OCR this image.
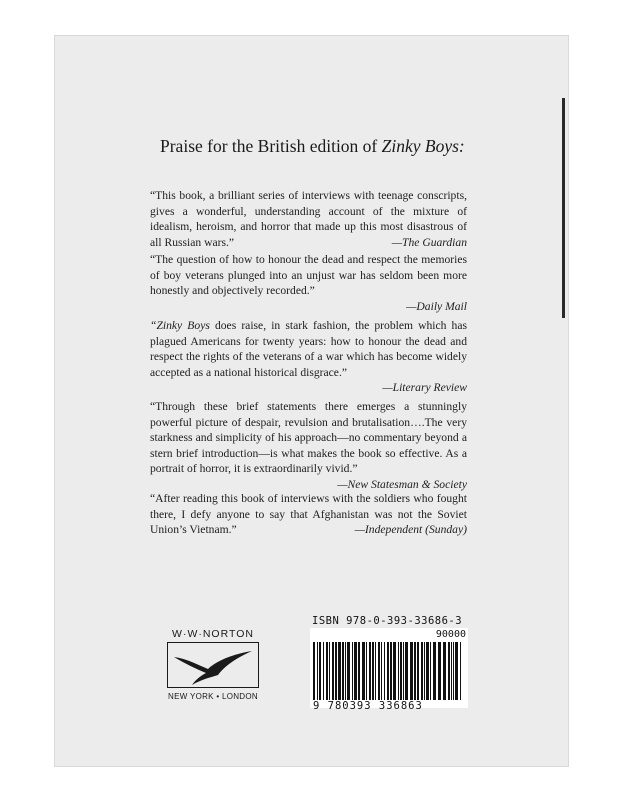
Praise for the British edition of Zinky Boys:
“This book, a brilliant series of interviews with teenage conscripts, gives a wonderful, understanding account of the mixture of idealism, heroism, and horror that made up this most disastrous of all Russian wars.”	—The Guardian
“The question of how to honour the dead and respect the memories of boy veterans plunged into an unjust war has seldom been more honestly and objectively recorded.”
—Daily Mail
“Zinky Boys does raise, in stark fashion, the problem which has plagued Americans for twenty years: how to honour the dead and respect the rights of the veterans of a war which has become widely accepted as a national historical disgrace.”
—Literary Review
“Through these brief statements there emerges a stunningly powerful picture of despair, revulsion and brutalisation….The very starkness and simplicity of his approach—no commentary beyond a stern brief introduction—is what makes the book so effective. As a portrait of horror, it is extraordinarily vivid.”
—New Statesman & Society
“After reading this book of interviews with the soldiers who fought there, I defy anyone to say that Afghanistan was not the Soviet Union’s Vietnam.”	—Independent (Sunday)
W·W·NORTON
NEW YORK • LONDON
ISBN 978-0-393-33686-3
90000
9 780393 336863
